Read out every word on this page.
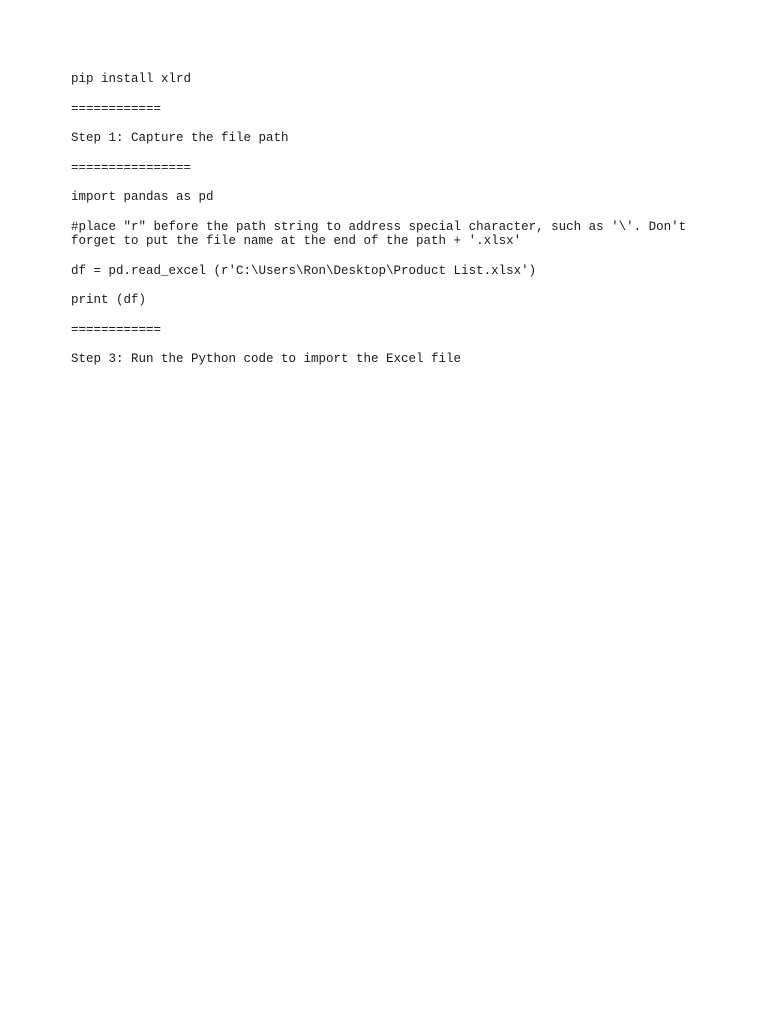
pip install xlrd

============

Step 1: Capture the file path

================

import pandas as pd

#place "r" before the path string to address special character, such as '\'. Don't
forget to put the file name at the end of the path + '.xlsx'

df = pd.read_excel (r'C:\Users\Ron\Desktop\Product List.xlsx')

print (df)

============

Step 3: Run the Python code to import the Excel file
